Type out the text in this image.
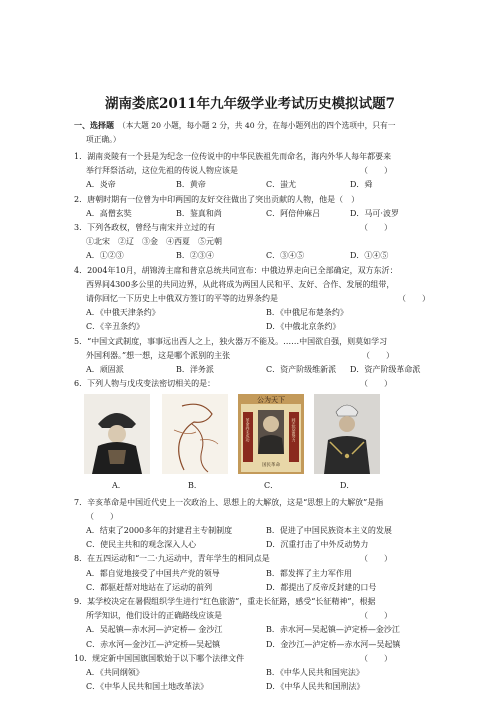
湖南娄底2011年九年级学业考试历史模拟试题7
一、选择题 （本大题 20 小题，每小题 2 分，共 40 分，在每小题列出的四个选项中，只有一
项正确。）
1．湖南炎陵有一个县是为纪念一位传说中的中华民族祖先而命名，海内外华人每年都要来
举行拜祭活动，这位先祖的传说人物应该是	（　　）
A．炎帝	B．黄帝	C．蚩尤	D．舜
2．唐朝时期有一位曾为中印两国的友好交往做出了突出贡献的人物，他是（　）
A．高僧玄奘	B．鉴真和尚	C．阿倍仲麻吕	D．马可·波罗
3．下列各政权，曾经与南宋并立过的有	（　　）
①北宋　②辽　③金　④西夏　⑤元朝
A．①②③	B．②③④	C．③④⑤	D．①④⑤
4．2004年10月，胡锦涛主席和普京总统共同宣布：中俄边界走向已全部确定，双方东沂：
西界间4300多公里的共同边界，从此将成为两国人民和平、友好、合作、发展的组带，
请你回忆一下历史上中俄双方签订的平等的边界条约是	（　　）
A．《中俄天津条约》	B．《中俄尼布楚条约》
C．《辛丑条约》	D．《中俄北京条约》
5．“中国文武制度，事事远出西人之上，独火器万不能及。……中国欲自强，则莫如学习
外国利器。”想一想，这是哪个派别的主张	（　　）
A．顽固派	B．洋务派	C．资产阶级维新派 D．资产阶级革命派
6．下列人物与戊戌变法密切相关的是：	（　　）
公为天下
国民革命
革命尚未成功	同志仍需努力
A．	B．	C．	D．
7．辛亥革命是中国近代史上一次政治上、思想上的大解放，这是“思想上的大解放”是指
（　　）
A．结束了2000多年的封建君主专制制度	B．促进了中国民族资本主义的发展
C．使民主共和的观念深入人心	D．沉重打击了中外反动势力
8．在五四运动和“一二·九运动中，青年学生的相同点是	（　　）
A．都自觉地接受了中国共产党的领导	B．都发挥了主力军作用
C．都驱赶帮对地站在了运动的前列	D．都提出了反帝反封建的口号
9．某学校决定在暑假组织学生进行“红色旅游”，重走长征路，感受“长征精神”，根据
所学知识，他们设计的正确路线应该是	（　　）
A．吴起镇—赤水河—泸定桥— 金沙江	B．赤水河—吴起镇—泸定桥—金沙江
C．赤水河—金沙江—泸定桥—吴起镇	D．金沙江—泸定桥—赤水河—吴起镇
10．规定新中国国旗国歌始于以下哪个法律文件	（　　）
A．《共同纲领》	B．《中华人民共和国宪法》
C．《中华人民共和国土地改革法》	D．《中华人民共和国刑法》
